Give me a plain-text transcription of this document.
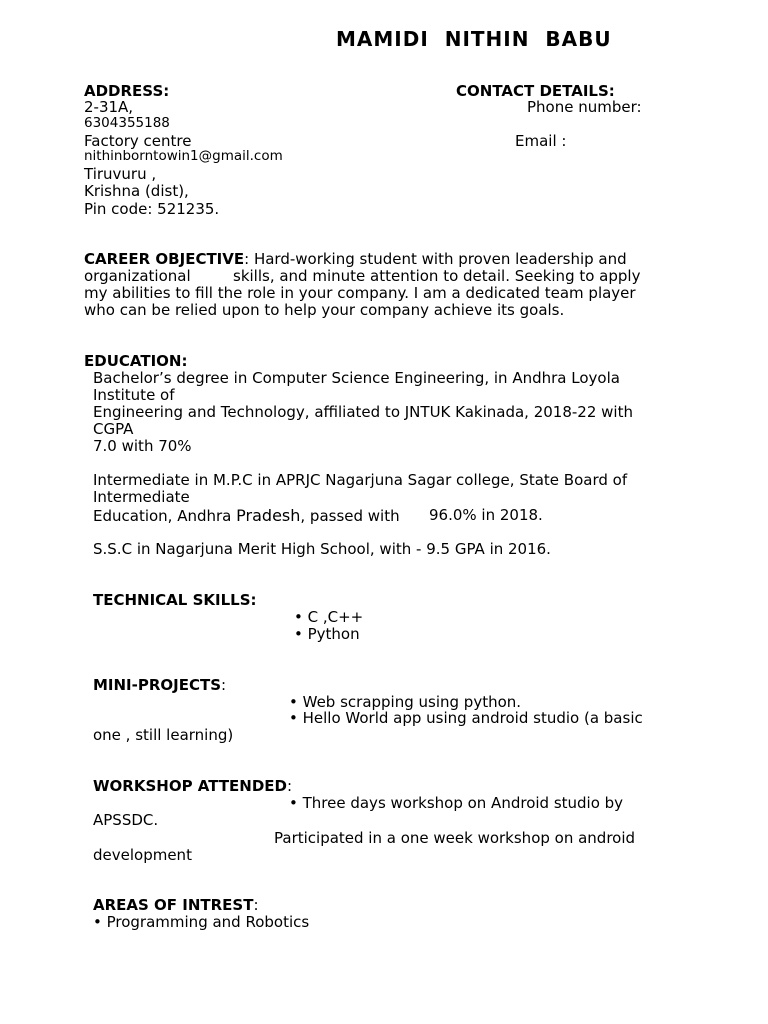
MAMIDI NITHIN BABU
ADDRESS:	CONTACT DETAILS:
2-31A,	Phone number:
6304355188
Factory centre	Email :
nithinborntowin1@gmail.com
Tiruvuru ,
Krishna (dist),
Pin code: 521235.
CAREER OBJECTIVE: Hard-working student with proven leadership and
organizational	skills, and minute attention to detail. Seeking to apply
my abilities to fill the role in your company. I am a dedicated team player
who can be relied upon to help your company achieve its goals.
EDUCATION:
Bachelor’s degree in Computer Science Engineering, in Andhra Loyola
Institute of
Engineering and Technology, affiliated to JNTUK Kakinada, 2018-22 with
CGPA
7.0 with 70%
Intermediate in M.P.C in APRJC Nagarjuna Sagar college, State Board of
Intermediate
Education, Andhra Pradesh, passed with 96.0% in 2018.
S.S.C in Nagarjuna Merit High School, with - 9.5 GPA in 2016.
TECHNICAL SKILLS:
• C ,C++
• Python
MINI-PROJECTS:
• Web scrapping using python.
• Hello World app using android studio (a basic
one , still learning)
WORKSHOP ATTENDED:
• Three days workshop on Android studio by
APSSDC.
Participated in a one week workshop on android
development
AREAS OF INTREST:
• Programming and Robotics
